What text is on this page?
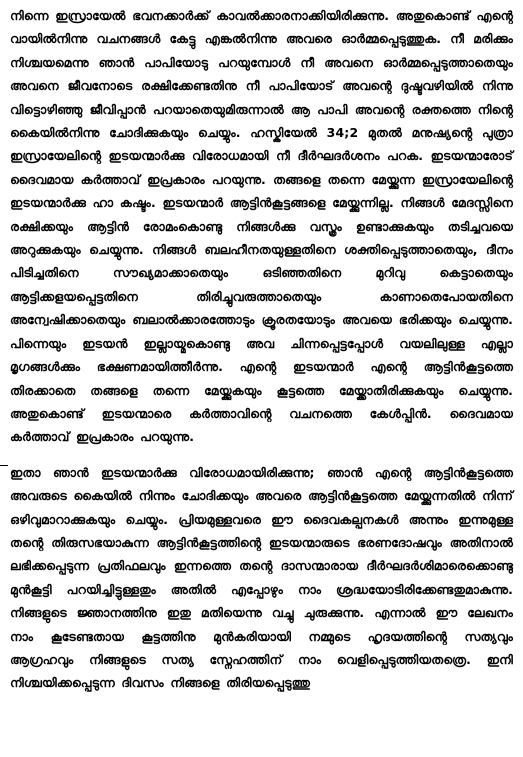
നിന്നെ ഇസ്രായേൽ ഭവനക്കാർക്ക് കാവൽക്കാരനാക്കിയിരിക്കുന്നു. അതുകൊണ്ട് എന്റെ വായിൽനിന്നു വചനങ്ങൾ കേട്ടു എങ്കൽനിന്നു അവരെ ഓർമ്മപ്പെടുത്തുക. നീ മരിക്കും നിശ്ചയമെന്നു ഞാൻ പാപിയോടു പറയുമ്പോൾ നീ അവനെ ഓർമ്മപ്പെടുത്താതെയും അവനെ ജീവനോടെ രക്ഷിക്കേണ്ടതിനു നീ പാപിയോട് അവന്റെ ദുഷ്ടവഴിയിൽ നിന്നു വിട്ടൊഴിഞ്ഞു ജീവിപ്പാൻ പറയാതെയുമിരുന്നാൽ ആ പാപി അവന്റെ രക്തത്തെ നിന്റെ കൈയിൽനിന്നു ചോദിക്കുകയും ചെയ്യും. ഹസ്കിയേൽ 34;2 മുതൽ മനുഷ്യന്റെ പുത്രാ ഇസ്രായേലിന്റെ ഇടയന്മാർക്കു വിരോധമായി നീ ദീർഘദർശനം പറക. ഇടയന്മാരോട് ദൈവമായ കർത്താവ് ഇപ്രകാരം പറയുന്നു. തങ്ങളെ തന്നെ മേയ്ക്കുന്ന ഇസ്രായേലിന്റെ ഇടയന്മാർക്കു ഹാ കഷ്ടം. ഇടയന്മാർ ആട്ടിൻകൂട്ടങ്ങളെ മേയ്ക്കുന്നില്ല. നിങ്ങൾ മേദസ്സിനെ രക്ഷിക്കയും ആട്ടിൻ രോമംകൊണ്ടു നിങ്ങൾക്കു വസ്ത്രം ഉണ്ടാക്കുകയും തടിച്ചവയെ അറുക്കുകയും ചെയ്യുന്നു. നിങ്ങൾ ബലഹീനതയുള്ളതിനെ ശക്തിപ്പെടുത്താതെയും, ദീനം പിടിച്ചതിനെ സൗഖ്യമാക്കാതെയും ഒടിഞ്ഞതിനെ മുറിവു കെട്ടാതെയും ആട്ടിക്കളയപ്പെട്ടതിനെ തിരിച്ചുവരുത്താതെയും കാണാതെപോയതിനെ അന്വേഷിക്കാതെയും ബലാൽക്കാരത്തോടും ക്രൂരതയോടും അവയെ ഭരിക്കയും ചെയ്യുന്നു. പിന്നെയും ഇടയൻ ഇല്ലായ്മകൊണ്ടു അവ ചിന്നപ്പെട്ടപ്പോൾ വയലിലുള്ള എല്ലാ മൃഗങ്ങൾക്കും ഭക്ഷണമായിത്തീർന്നു. എന്റെ ഇടയന്മാർ എന്റെ ആട്ടിൻകൂട്ടത്തെ തിരക്കാതെ തങ്ങളെ തന്നെ മേയ്ക്കുകയും കൂട്ടത്തെ മേയ്ക്കാതിരിക്കുകയും ചെയ്യുന്നു. അതുകൊണ്ട് ഇടയന്മാരെ കർത്താവിന്റെ വചനത്തെ കേൾപ്പിൻ. ദൈവമായ കർത്താവ് ഇപ്രകാരം പറയുന്നു.

ഇതാ ഞാൻ ഇടയന്മാർക്കു വിരോധമായിരിക്കുന്നു; ഞാൻ എന്റെ ആട്ടിൻകൂട്ടത്തെ അവരുടെ കൈയിൽ നിന്നും ചോദിക്കയും അവരെ ആട്ടിൻകൂട്ടത്തെ മേയ്ക്കുന്നതിൽ നിന്ന് ഒഴിവുമാറാക്കുകയും ചെയ്യും. പ്രിയമുള്ളവരെ ഈ ദൈവകല്പനകൾ അന്നും ഇന്നുമുള്ള തന്റെ തിരുസഭയാകുന്ന ആട്ടിൻകൂട്ടത്തിന്റെ ഇടയന്മാരുടെ ഭരണദോഷവും അതിനാൽ ലഭിക്കപ്പെടുന്ന പ്രതിഫലവും ഇന്നത്തെ തന്റെ ദാസന്മാരായ ദീർഘദർശിമാരെക്കൊണ്ടു മുൻകൂട്ടി പറയിച്ചിട്ടുള്ളതും അതിൽ എപ്പോഴും നാം ശ്രദ്ധയോടിരിക്കേണ്ടതുമാകുന്നു. നിങ്ങളുടെ ജ്ഞാനത്തിനു ഇതു മതിയെന്നു വച്ചു ചുരുക്കുന്നു. എന്നാൽ ഈ ലേഖനം നാം കൂടേണ്ടതായ കൂട്ടത്തിനു മുൻകരിയായി നമ്മുടെ ഹൃദയത്തിന്റെ സത്യവും ആഗ്രഹവും നിങ്ങളുടെ സത്യ സ്നേഹത്തിന് നാം വെളിപ്പെടുത്തിയതത്രെ. ഇനി നിശ്ചയിക്കപ്പെടുന്ന ദിവസം നിങ്ങളെ തിരിയപ്പെടുത്തു
